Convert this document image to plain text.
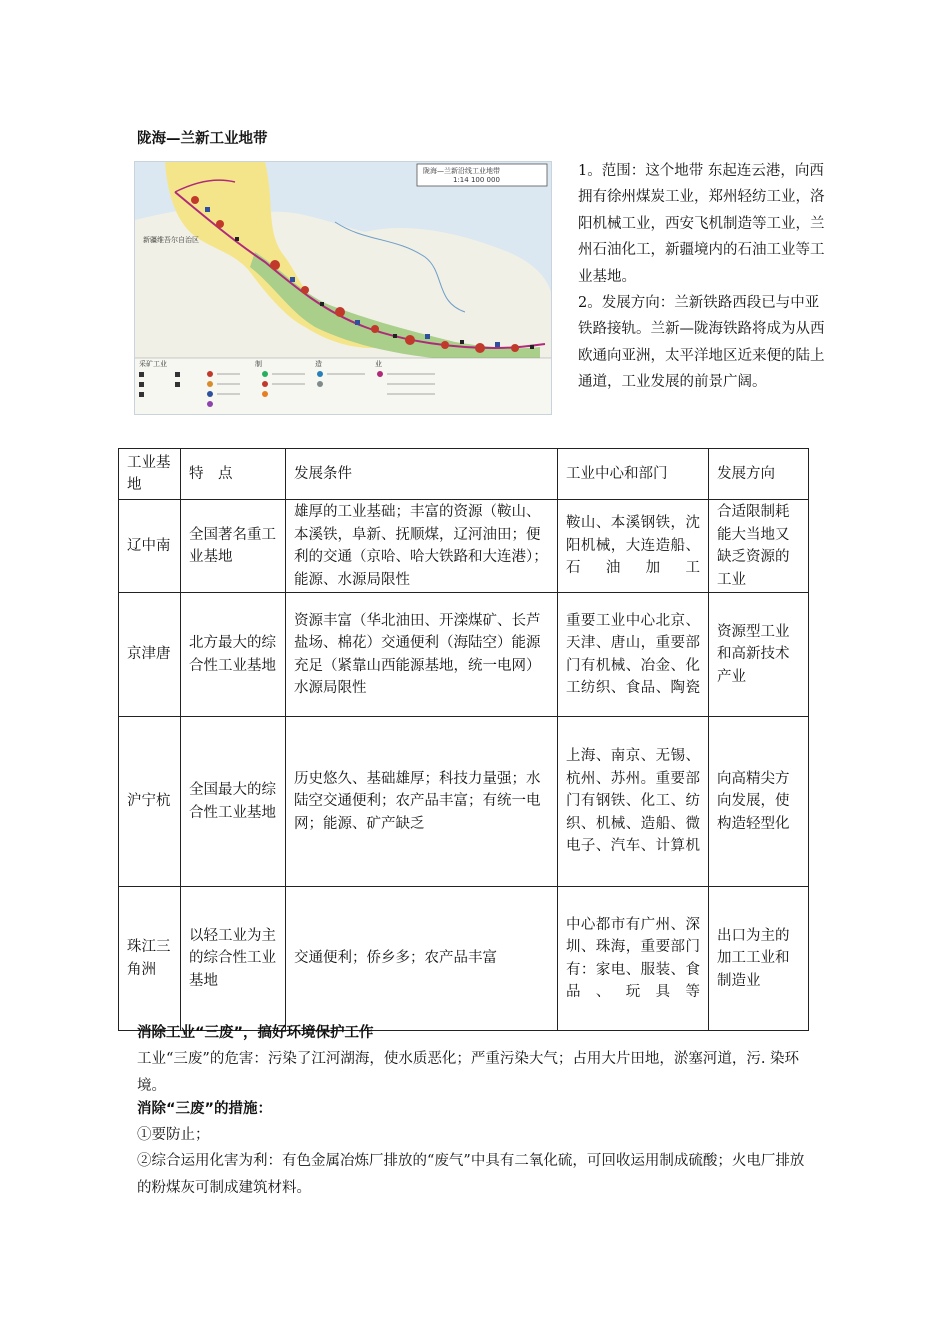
陇海—兰新工业地带
陇海—兰新沿线工业地带
1:14 100 000
新疆维吾尔自治区
采矿工业	制	造	业

1。范围：这个地带 东起连云港，向西拥有徐州煤炭工业，郑州轻纺工业，洛阳机械工业，西安飞机制造等工业，兰州石油化工，新疆境内的石油工业等工业基地。

2。发展方向：兰新铁路西段已与中亚铁路接轨。兰新—陇海铁路将成为从西欧通向亚洲，太平洋地区近来便的陆上通道，工业发展的前景广阔。

工业基地	特　点	发展条件	工业中心和部门	发展方向
辽中南	全国著名重工业基地	雄厚的工业基础；丰富的资源（鞍山、本溪铁，阜新、抚顺煤，辽河油田；便利的交通（京哈、哈大铁路和大连港）；能源、水源局限性	鞍山、本溪钢铁，沈阳机械，大连造船、石油加工	合适限制耗能大当地又缺乏资源的工业
京津唐	北方最大的综合性工业基地	资源丰富（华北油田、开滦煤矿、长芦盐场、棉花）交通便利（海陆空）能源充足（紧靠山西能源基地，统一电网）水源局限性	重要工业中心北京、天津、唐山，重要部门有机械、冶金、化工纺织、食品、陶瓷	资源型工业和高新技术产业
沪宁杭	全国最大的综合性工业基地	历史悠久、基础雄厚；科技力量强；水陆空交通便利；农产品丰富；有统一电网；能源、矿产缺乏	上海、南京、无锡、杭州、苏州。重要部门有钢铁、化工、纺织、机械、造船、微电子、汽车、计算机	向高精尖方向发展，使构造轻型化
珠江三角洲	以轻工业为主的综合性工业基地	交通便利；侨乡多；农产品丰富	中心都市有广州、深圳、珠海，重要部门有：家电、服装、食品、玩具等	出口为主的加工工业和制造业
消除工业“三废”，搞好环境保护工作
工业“三废”的危害：污染了江河湖海，使水质恶化；严重污染大气；占用大片田地，淤塞河道，污. 染环境。
消除“三废”的措施：
①要防止；
②综合运用化害为利：有色金属冶炼厂排放的“废气”中具有二氧化硫，可回收运用制成硫酸；火电厂排放的粉煤灰可制成建筑材料。
